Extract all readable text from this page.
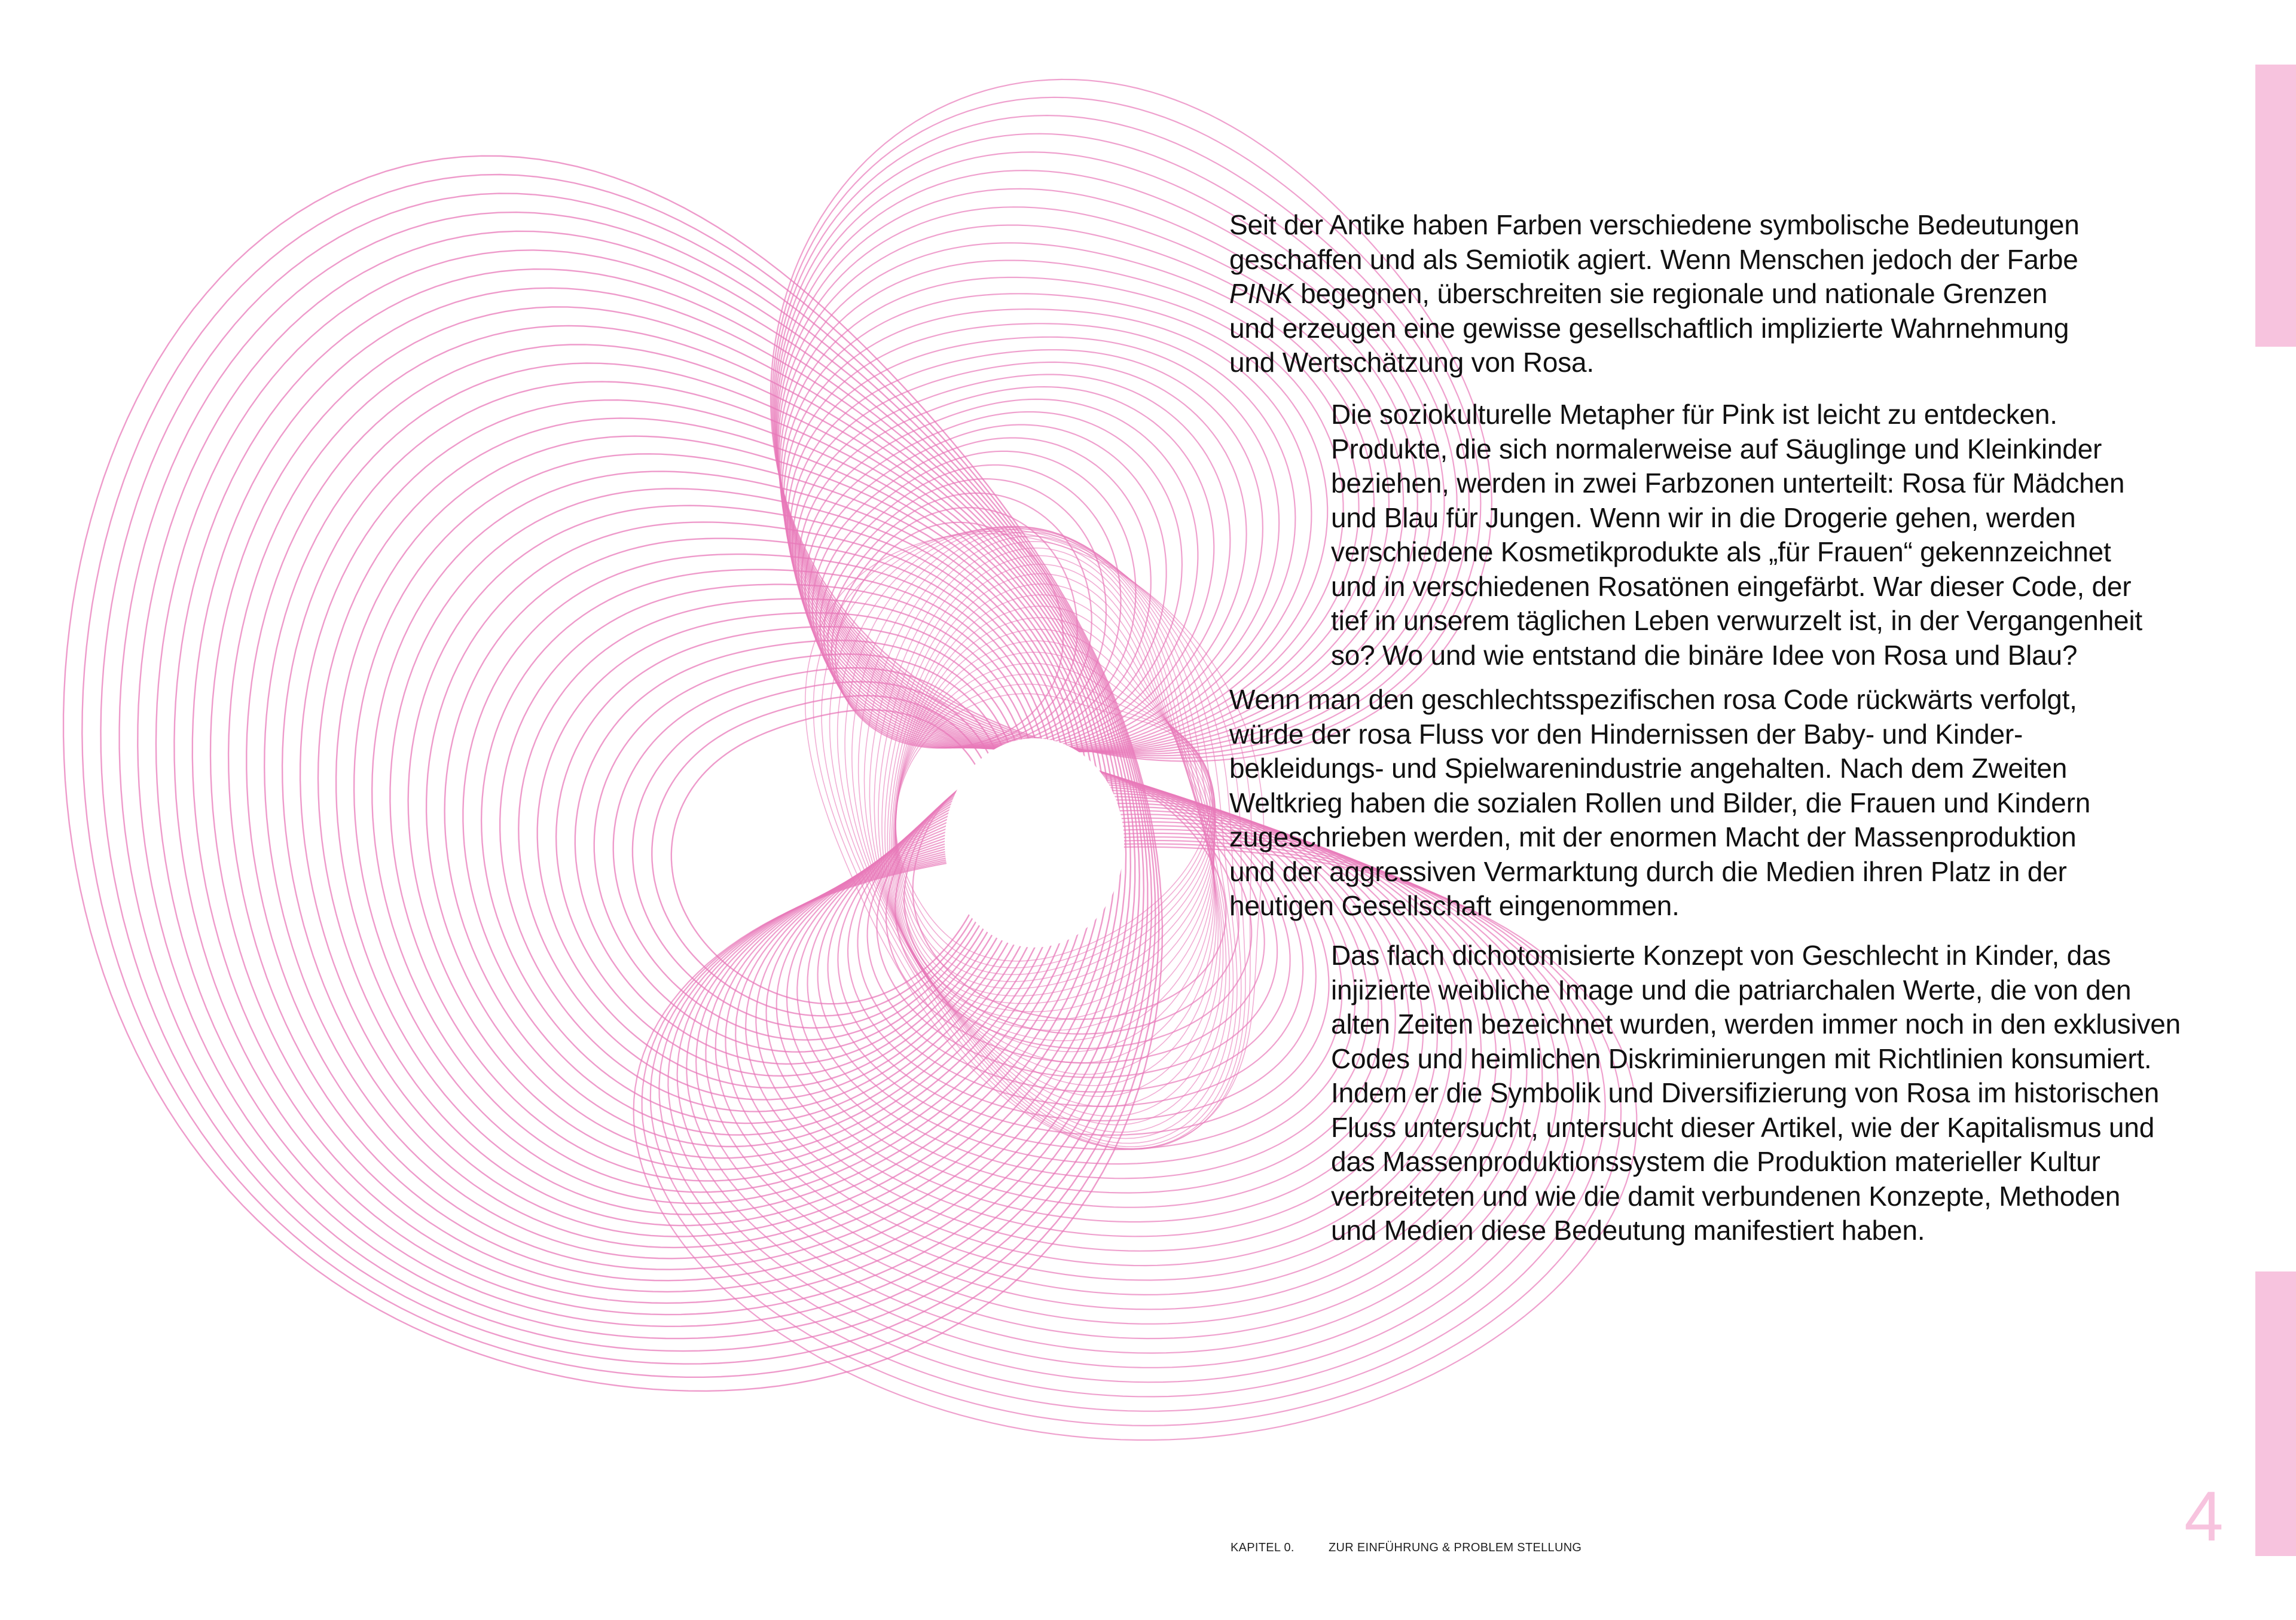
Seit der Antike haben Farben verschiedene symbolische Bedeutungen
geschaffen und als Semiotik agiert. Wenn Menschen jedoch der Farbe
PINK begegnen, überschreiten sie regionale und nationale Grenzen
und erzeugen eine gewisse gesellschaftlich implizierte Wahrnehmung
und Wertschätzung von Rosa.
Die soziokulturelle Metapher für Pink ist leicht zu entdecken.
Produkte, die sich normalerweise auf Säuglinge und Kleinkinder
beziehen, werden in zwei Farbzonen unterteilt: Rosa für Mädchen
und Blau für Jungen. Wenn wir in die Drogerie gehen, werden
verschiedene Kosmetikprodukte als „für Frauen“ gekennzeichnet
und in verschiedenen Rosatönen eingefärbt. War dieser Code, der
tief in unserem täglichen Leben verwurzelt ist, in der Vergangenheit
so? Wo und wie entstand die binäre Idee von Rosa und Blau?
Wenn man den geschlechtsspezifischen rosa Code rückwärts verfolgt,
würde der rosa Fluss vor den Hindernissen der Baby- und Kinder-
bekleidungs- und Spielwarenindustrie angehalten. Nach dem Zweiten
Weltkrieg haben die sozialen Rollen und Bilder, die Frauen und Kindern
zugeschrieben werden, mit der enormen Macht der Massenproduktion
und der aggressiven Vermarktung durch die Medien ihren Platz in der
heutigen Gesellschaft eingenommen.
Das flach dichotomisierte Konzept von Geschlecht in Kinder, das
injizierte weibliche Image und die patriarchalen Werte, die von den
alten Zeiten bezeichnet wurden, werden immer noch in den exklusiven
Codes und heimlichen Diskriminierungen mit Richtlinien konsumiert.
Indem er die Symbolik und Diversifizierung von Rosa im historischen
Fluss untersucht, untersucht dieser Artikel, wie der Kapitalismus und
das Massenproduktionssystem die Produktion materieller Kultur
verbreiteten und wie die damit verbundenen Konzepte, Methoden
und Medien diese Bedeutung manifestiert haben.
4
KAPITEL 0.	ZUR EINFÜHRUNG & PROBLEM STELLUNG
